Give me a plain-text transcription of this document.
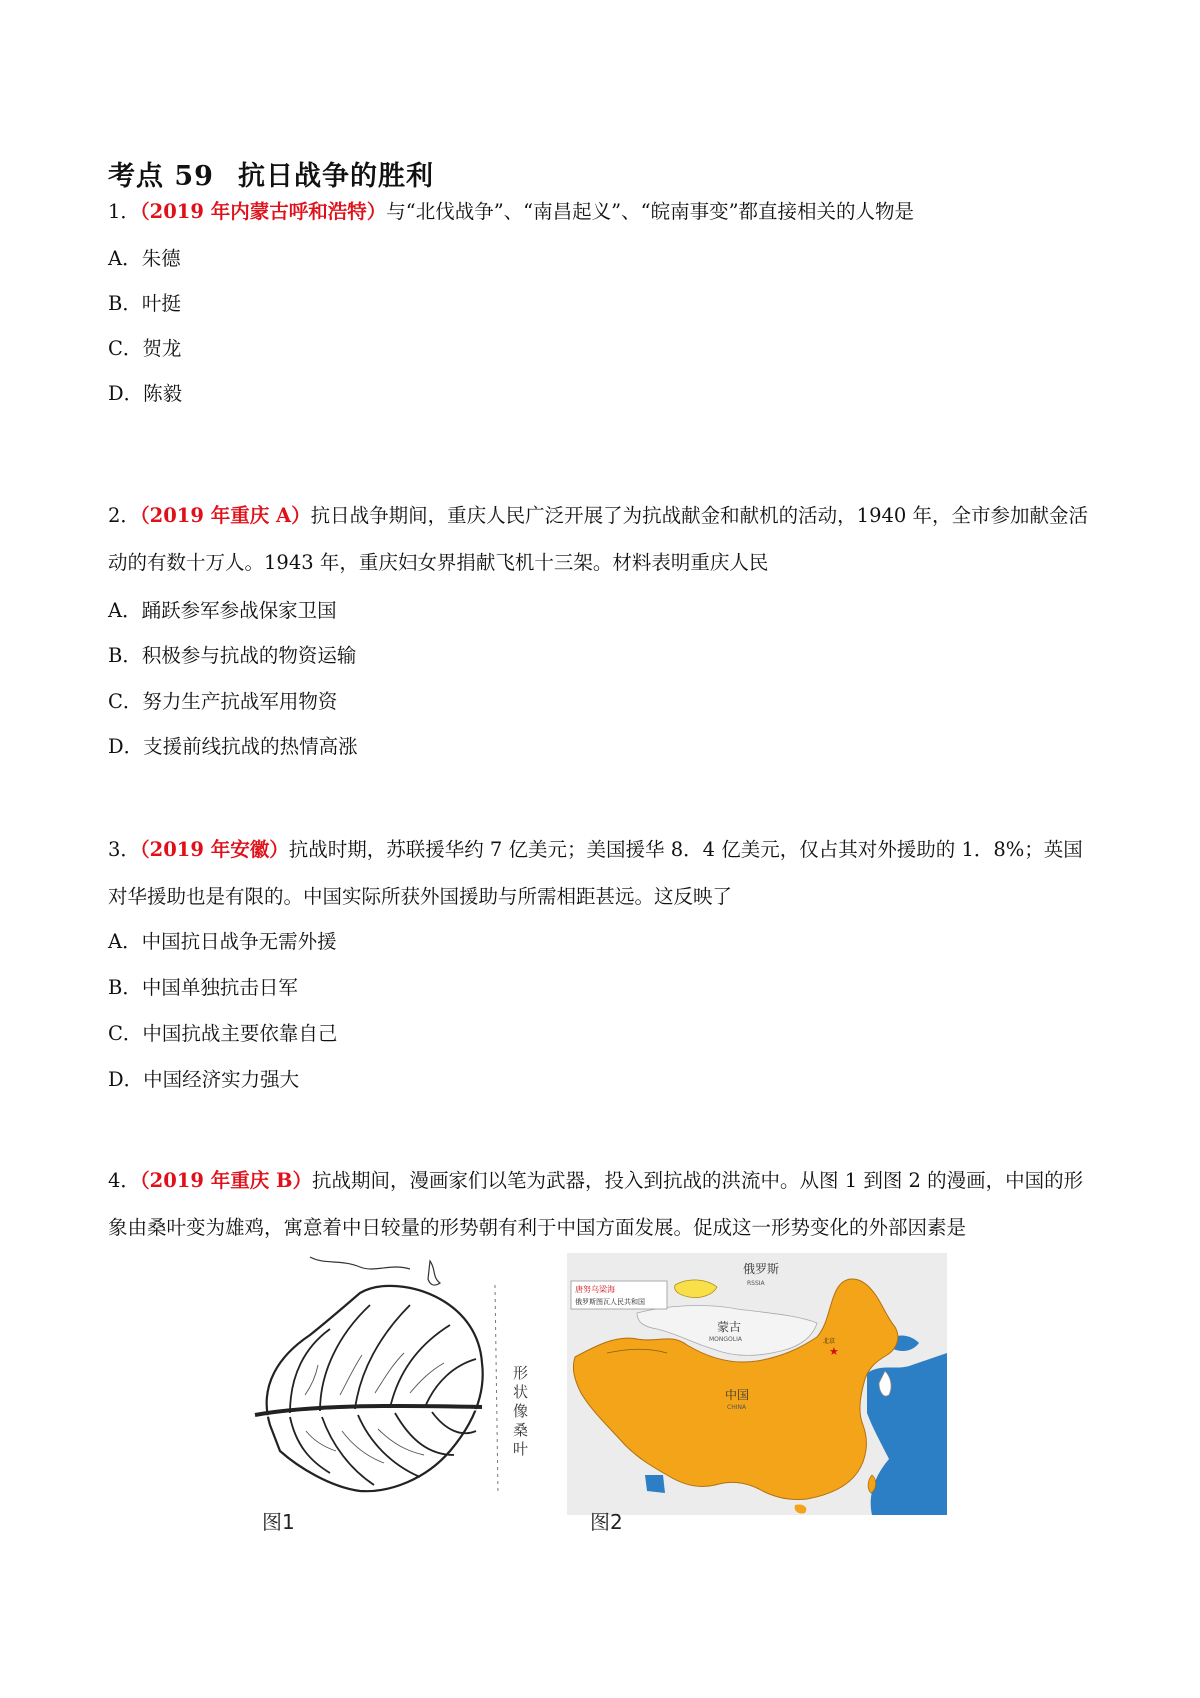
考点 59 抗日战争的胜利
1．（2019 年内蒙古呼和浩特）与“北伐战争”、“南昌起义”、“皖南事变”都直接相关的人物是
A．朱德
B．叶挺
C．贺龙
D．陈毅
2．（2019 年重庆 A）抗日战争期间，重庆人民广泛开展了为抗战献金和献机的活动，1940 年，全市参加献金活动的有数十万人。1943 年，重庆妇女界捐献飞机十三架。材料表明重庆人民
A．踊跃参军参战保家卫国
B．积极参与抗战的物资运输
C．努力生产抗战军用物资
D．支援前线抗战的热情高涨
3．（2019 年安徽）抗战时期，苏联援华约 7 亿美元；美国援华 8．4 亿美元，仅占其对外援助的 1．8%；英国对华援助也是有限的。中国实际所获外国援助与所需相距甚远。这反映了
A．中国抗日战争无需外援
B．中国单独抗击日军
C．中国抗战主要依靠自己
D．中国经济实力强大
4．（2019 年重庆 B）抗战期间，漫画家们以笔为武器，投入到抗战的洪流中。从图 1 到图 2 的漫画，中国的形象由桑叶变为雄鸡，寓意着中日较量的形势朝有利于中国方面发展。促成这一形势变化的外部因素是
形状像桑叶
图1
唐努乌梁海
俄罗斯图瓦人民共和国
俄罗斯
RSSIA
蒙古
MONGOLIA
中国
CHINA
★
北京
图2
